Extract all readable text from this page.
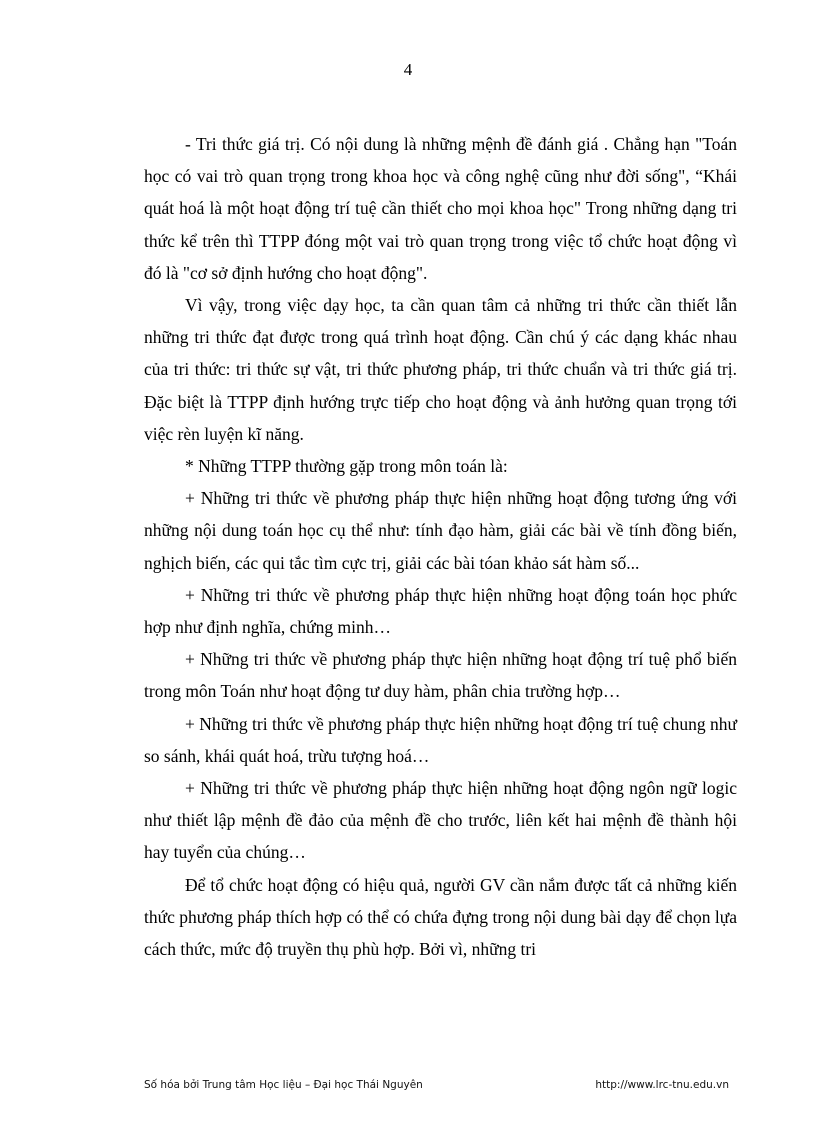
4

- Tri thức giá trị. Có nội dung là những mệnh đề đánh giá . Chẳng hạn "Toán học có vai trò quan trọng trong khoa học và công nghệ cũng như đời sống", “Khái quát hoá là một hoạt động trí tuệ cần thiết cho mọi khoa học" Trong những dạng tri thức kể trên thì TTPP đóng một vai trò quan trọng trong việc tổ chức hoạt động vì đó là "cơ sở định hướng cho hoạt động".

Vì vậy, trong việc dạy học, ta cần quan tâm cả những tri thức cần thiết lẫn những tri thức đạt được trong quá trình hoạt động. Cần chú ý các dạng khác nhau của tri thức: tri thức sự vật, tri thức phương pháp, tri thức chuẩn và tri thức giá trị. Đặc biệt là TTPP định hướng trực tiếp cho hoạt động và ảnh hưởng quan trọng tới việc rèn luyện kĩ năng.

* Những TTPP thường gặp trong môn toán là:

+ Những tri thức về phương pháp thực hiện những hoạt động tương ứng với những nội dung toán học cụ thể như: tính đạo hàm, giải các bài về tính đồng biến, nghịch biến, các qui tắc tìm cực trị, giải các bài tóan khảo sát hàm số...

+ Những tri thức về phương pháp thực hiện những hoạt động toán học phức hợp như định nghĩa, chứng minh…

+ Những tri thức về phương pháp thực hiện những hoạt động trí tuệ phổ biến trong môn Toán như hoạt động tư duy hàm, phân chia trường hợp…

+ Những tri thức về phương pháp thực hiện những hoạt động trí tuệ chung như so sánh, khái quát hoá, trừu tượng hoá…

+ Những tri thức về phương pháp thực hiện những hoạt động ngôn ngữ logic như thiết lập mệnh đề đảo của mệnh đề cho trước, liên kết hai mệnh đề thành hội hay tuyển của chúng…

Để tổ chức hoạt động có hiệu quả, người GV cần nắm được tất cả những kiến thức phương pháp thích hợp có thể có chứa đựng trong nội dung bài dạy để chọn lựa cách thức, mức độ truyền thụ phù hợp. Bởi vì, những tri

Số hóa bởi Trung tâm Học liệu – Đại học Thái Nguyên	http://www.lrc-tnu.edu.vn
